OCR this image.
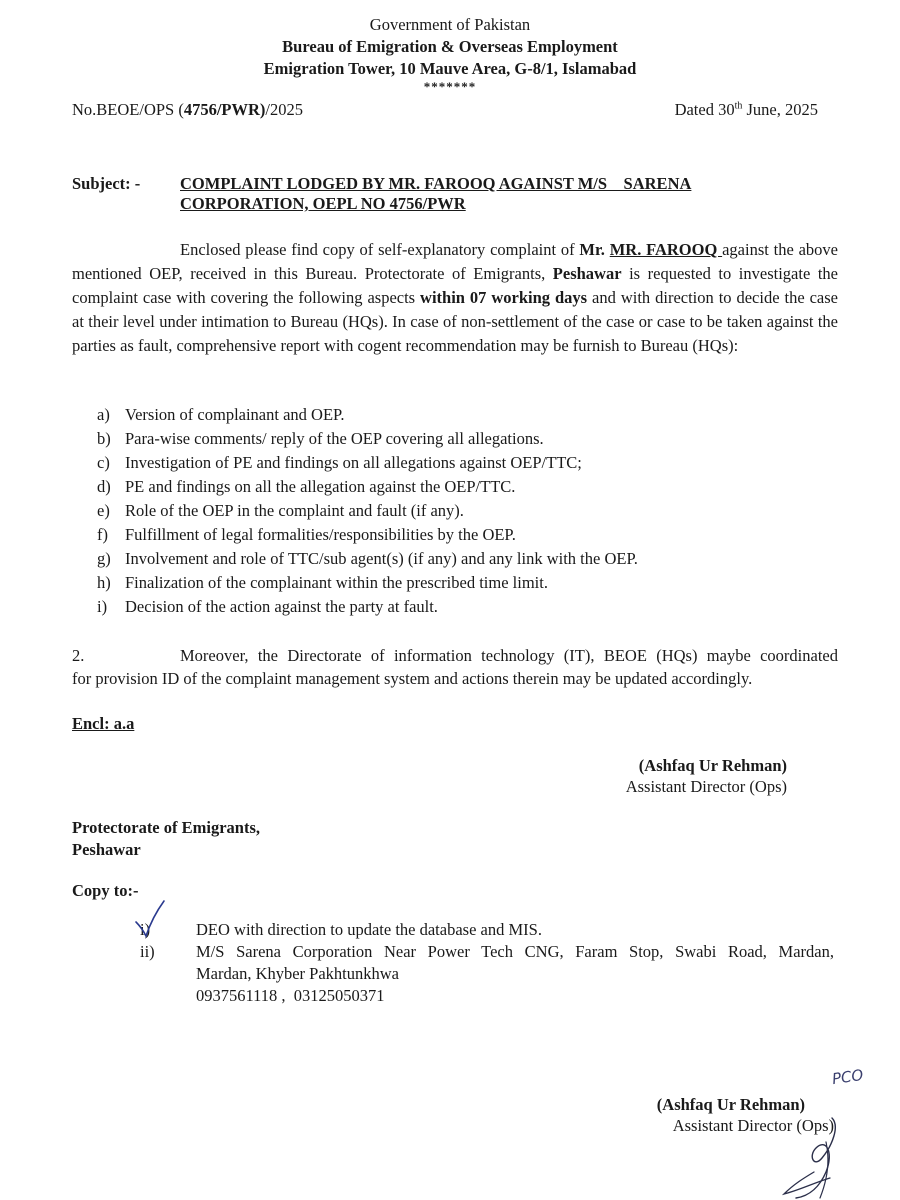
Government of Pakistan
Bureau of Emigration & Overseas Employment
Emigration Tower, 10 Mauve Area, G-8/1, Islamabad
*******
No.BEOE/OPS (4756/PWR)/2025	Dated 30th June, 2025
Subject: - COMPLAINT LODGED BY MR. FAROOQ AGAINST M/S    SARENA
CORPORATION, OEPL NO 4756/PWR
Enclosed please find copy of self-explanatory complaint of Mr. MR. FAROOQ against the above mentioned OEP, received in this Bureau. Protectorate of Emigrants, Peshawar is requested to investigate the complaint case with covering the following aspects within 07 working days and with direction to decide the case at their level under intimation to Bureau (HQs). In case of non-settlement of the case or case to be taken against the parties as fault, comprehensive report with cogent recommendation may be furnish to Bureau (HQs):
a) Version of complainant and OEP.
b) Para-wise comments/ reply of the OEP covering all allegations.
c) Investigation of PE and findings on all allegations against OEP/TTC;
d) PE and findings on all the allegation against the OEP/TTC.
e) Role of the OEP in the complaint and fault (if any).
f) Fulfillment of legal formalities/responsibilities by the OEP.
g) Involvement and role of TTC/sub agent(s) (if any) and any link with the OEP.
h) Finalization of the complainant within the prescribed time limit.
i) Decision of the action against the party at fault.
2.	Moreover, the Directorate of information technology (IT), BEOE (HQs) maybe coordinated
for provision ID of the complaint management system and actions therein may be updated accordingly.
Encl: a.a
(Ashfaq Ur Rehman)
Assistant Director (Ops)
Protectorate of Emigrants,
Peshawar
Copy to:-
i)	DEO with direction to update the database and MIS.
ii)	M/S Sarena Corporation Near Power Tech CNG, Faram Stop, Swabi Road, Mardan,
Mardan, Khyber Pakhtunkhwa
0937561118 ,  03125050371
(Ashfaq Ur Rehman)
Assistant Director (Ops)
PCO
